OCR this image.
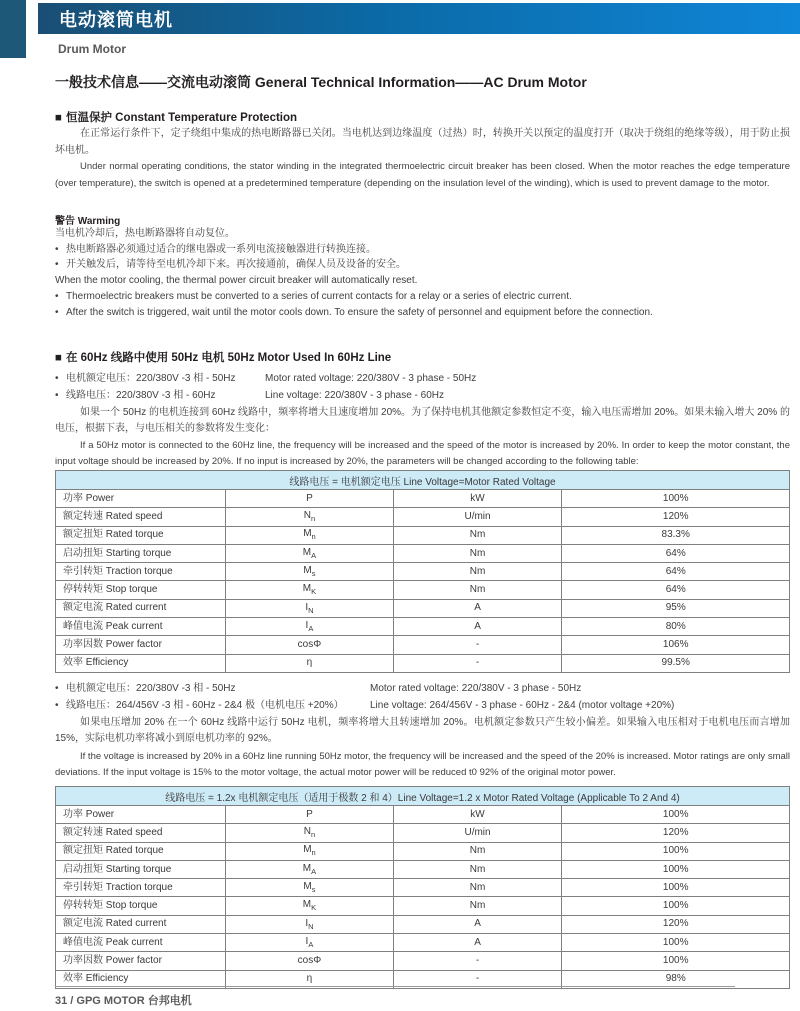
电动滚筒电机
Drum Motor
一般技术信息——交流电动滚筒 General Technical Information——AC Drum Motor
■ 恒温保护 Constant Temperature Protection
在正常运行条件下，定子绕组中集成的热电断路器已关闭。当电机达到边缘温度（过热）时，转换开关以预定的温度打开（取决于绕组的绝缘等级），用于防止损坏电机。
Under normal operating conditions, the stator winding in the integrated thermoelectric circuit breaker has been closed. When the motor reaches the edge temperature (over temperature), the switch is opened at a predetermined temperature (depending on the insulation level of the winding), which is used to prevent damage to the motor.
警告 Warming
当电机冷却后，热电断路器将自动复位。
• 热电断路器必须通过适合的继电器或一系列电流接触器进行转换连接。
• 开关触发后，请等待至电机冷却下来。再次接通前，确保人员及设备的安全。
When the motor cooling, the thermal power circuit breaker will automatically reset.
• Thermoelectric breakers must be converted to a series of current contacts for a relay or a series of electric current.
• After the switch is triggered, wait until the motor cools down. To ensure the safety of personnel and equipment before the connection.
■ 在 60Hz 线路中使用 50Hz 电机 50Hz Motor Used In 60Hz Line
• 电机额定电压：220/380V -3 相 - 50Hz	Motor rated voltage: 220/380V - 3 phase - 50Hz
• 线路电压：220/380V -3 相 - 60Hz	Line voltage: 220/380V - 3 phase - 60Hz
如果一个 50Hz 的电机连接到 60Hz 线路中，频率将增大且速度增加 20%。为了保持电机其他额定参数恒定不变，输入电压需增加 20%。如果未输入增大 20% 的电压，根据下表，与电压相关的参数将发生变化：
If a 50Hz motor is connected to the 60Hz line, the frequency will be increased and the speed of the motor is increased by 20%. In order to keep the motor constant, the input voltage should be increased by 20%. If no input is increased by 20%, the parameters will be changed according to the following table:
线路电压 = 电机额定电压 Line Voltage=Motor Rated Voltage			
功率 Power	P	kW	100%
额定转速 Rated speed	$N_n$	U/min	120%
额定扭矩 Rated torque	$M_n$	Nm	83.3%
启动扭矩 Starting torque	$M_A$	Nm	64%
牵引转矩 Traction torque	$M_s$	Nm	64%
停转转矩 Stop torque	$M_K$	Nm	64%
额定电流 Rated current	$I_N$	A	95%
峰值电流 Peak current	$I_A$	A	80%
功率因数 Power factor	cosΦ	-	106%
效率 Efficiency	η	-	99.5%
• 电机额定电压：220/380V -3 相 - 50Hz	Motor rated voltage: 220/380V - 3 phase - 50Hz
• 线路电压：264/456V -3 相 - 60Hz - 2&4 极（电机电压 +20%）	Line voltage: 264/456V - 3 phase - 60Hz - 2&4 (motor voltage +20%)
如果电压增加 20% 在一个 60Hz 线路中运行 50Hz 电机，频率将增大且转速增加 20%。电机额定参数只产生较小偏差。如果输入电压相对于电机电压而言增加 15%，实际电机功率将减小到原电机功率的 92%。
If the voltage is increased by 20% in a 60Hz line running 50Hz motor, the frequency will be increased and the speed of the 20% is increased. Motor ratings are only small deviations. If the input voltage is 15% to the motor voltage, the actual motor power will be reduced t0 92% of the original motor power.
线路电压 = 1.2x 电机额定电压（适用于极数 2 和 4）Line Voltage=1.2 x Motor Rated Voltage (Applicable To 2 And 4)			
功率 Power	P	kW	100%
额定转速 Rated speed	$N_n$	U/min	120%
额定扭矩 Rated torque	$M_n$	Nm	100%
启动扭矩 Starting torque	$M_A$	Nm	100%
牵引转矩 Traction torque	$M_s$	Nm	100%
停转转矩 Stop torque	$M_K$	Nm	100%
额定电流 Rated current	$I_N$	A	120%
峰值电流 Peak current	$I_A$	A	100%
功率因数 Power factor	cosΦ	-	100%
效率 Efficiency	η	-	98%
31 / GPG MOTOR 台邦电机
